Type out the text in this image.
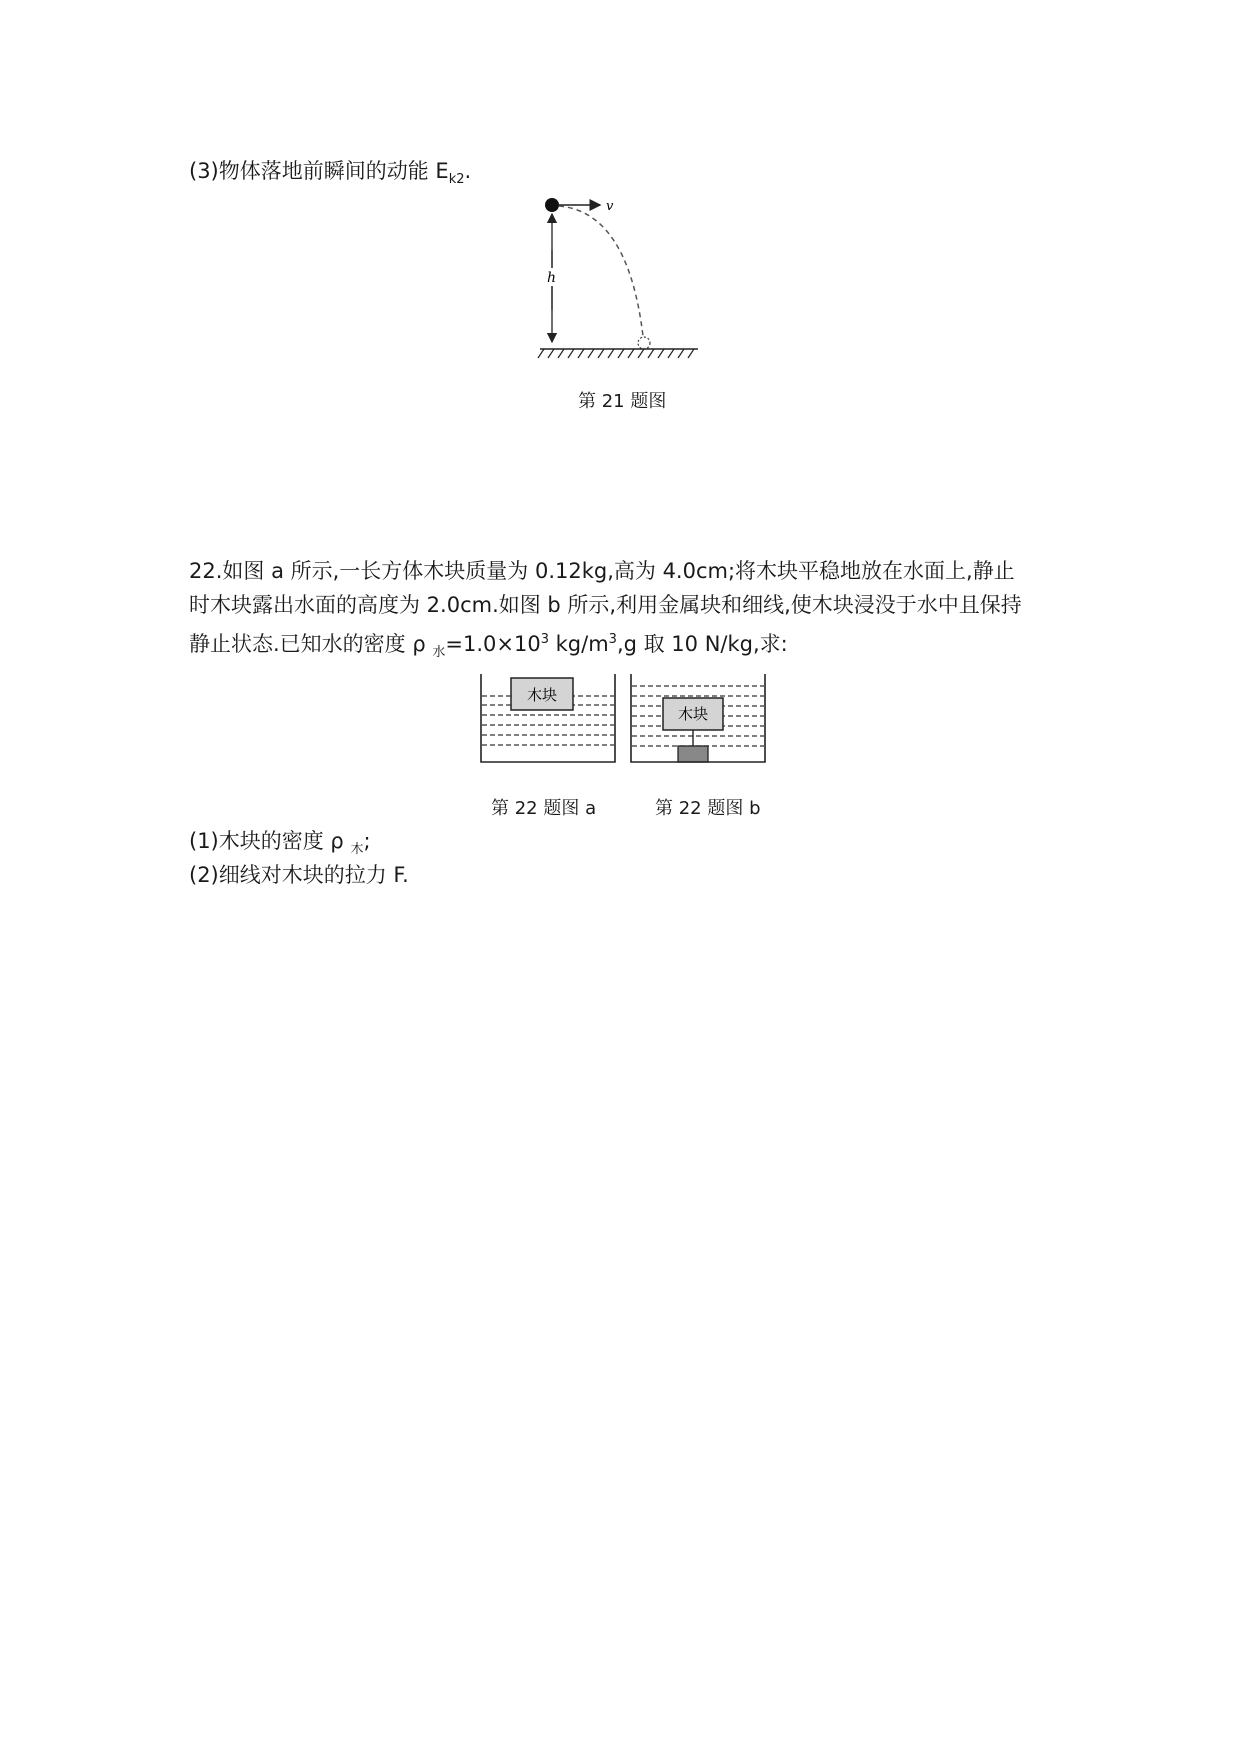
(3)物体落地前瞬间的动能 $E_{k2}$.
v
h
第 21 题图
22.如图 a 所示,一长方体木块质量为 0.12kg,高为 4.0cm;将木块平稳地放在水面上,静止
时木块露出水面的高度为 2.0cm.如图 b 所示,利用金属块和细线,使木块浸没于水中且保持
静止状态.已知水的密度 ρ $_水=1.0\times 10^3$ $kg/m^3,g$ 取 10 N/kg,求:
木块
第 22 题图 a
木块
第 22 题图 b
(1)木块的密度 ρ $_木$;
(2)细线对木块的拉力 F.
